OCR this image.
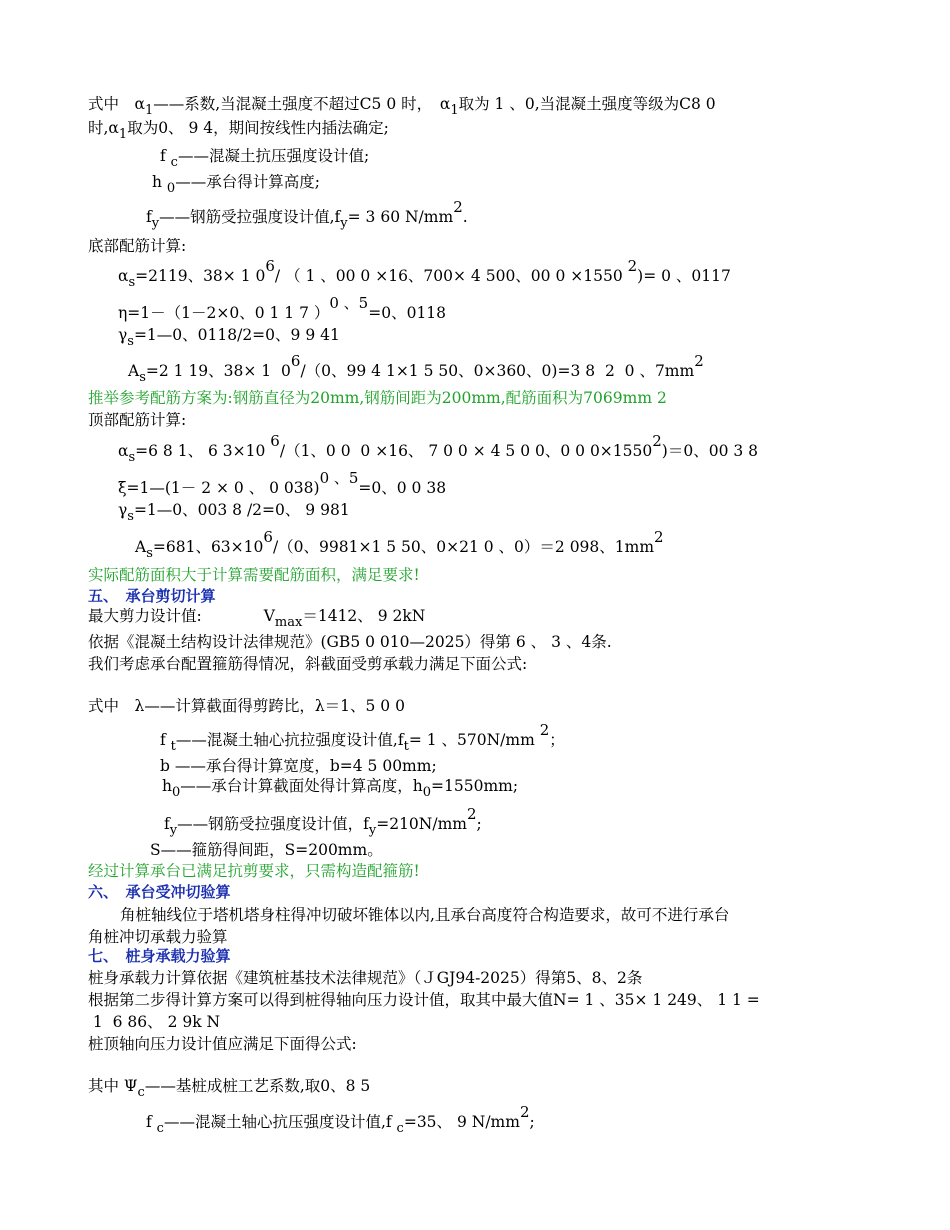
式中　$\alpha_1——$系数,当混凝土强度不超过C5 0 时，　$\alpha_1$取为 1 、0,当混凝土强度等级为C8 0
时$,\alpha_1$取为0、 9 4，期间按线性内插法确定;
f $_c$——混凝土抗压强度设计值;
h $_0$——承台得计算高度;
$f_y——$钢筋受拉强度设计值$,f_y= 3$ 60 N/mm2.
底部配筋计算:
$\alpha_s=2119$、38× 1 06/ （ 1 、00 0 ×16、700× 4 500、00 0 ×1550 2)= 0 、0117
η=1－（1－2×0、0 1 1 7 ）0 、5=0、0118
$\gamma_s=1—0$、0118/2=0、9 9 41
$A_s=2$ 1 19、38× 1  06/（0、99 4 1×1 5 50、0×360、0)=3 8  2  0 、7mm2
推举参考配筋方案为:钢筋直径为20mm,钢筋间距为200mm,配筋面积为7069mm 2
顶部配筋计算:
$\alpha_s=6$ 8 1、 6 3×10 6/（1、0 0  0 ×16、 7 0 0 × 4 5 0 0、0 0 0×15502)＝0、00 3 8
ξ=1—(1－ 2 × 0 、 0 038)0 、5=0、0 0 38
$\gamma_s=1—0$、003 8 /2=0、 9 981
$A_s=681$、63×106/（0、9981×1 5 50、0×21 0 、0）＝2 098、1mm2
实际配筋面积大于计算需要配筋面积，满足要求!
五、　承台剪切计算
最大剪力设计值:　　　　$V_{max}=1412$、 9 2kN
依据《混凝土结构设计法律规范》(GB5 0 010—2025）得第 6 、 3 、4条.
我们考虑承台配置箍筋得情况，斜截面受剪承载力满足下面公式:
式中　λ——计算截面得剪跨比，λ＝1、5 0 0
f $_t$——混凝土轴心抗拉强度设计值$,f_t= 1$ 、570N/mm 2；
b ——承台得计算宽度，b=4 5 00mm;
$h_0——$承台计算截面处得计算高度，$h_0=1550mm$;
$f_y——$钢筋受拉强度设计值，$f_y=210N/mm2$;
S——箍筋得间距，S=200mm。
经过计算承台已满足抗剪要求，只需构造配箍筋!
六、　承台受冲切验算
角桩轴线位于塔机塔身柱得冲切破坏锥体以内,且承台高度符合构造要求，故可不进行承台
角桩冲切承载力验算
七、　桩身承载力验算
桩身承载力计算依据《建筑桩基技术法律规范》（ＪGJ94-2025）得第5、8、2条
根据第二步得计算方案可以得到桩得轴向压力设计值，取其中最大值N= 1 、35× 1 249、 1 1 =
1  6 86、 2 9k N
桩顶轴向压力设计值应满足下面得公式:
其中 $\Psi_c——$基桩成桩工艺系数,取0、8 5
f $_c$——混凝土轴心抗压强度设计值,f $_c$=35、 9 N/mm2;
